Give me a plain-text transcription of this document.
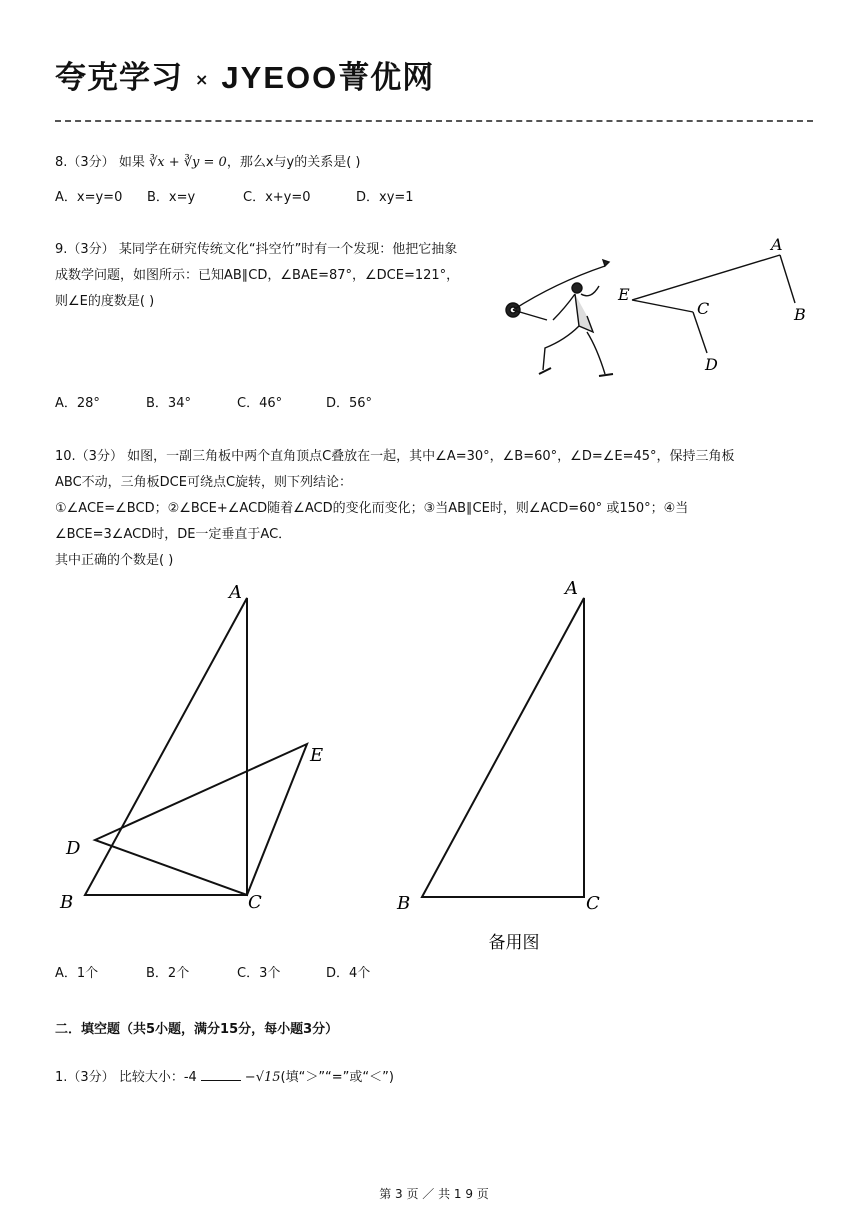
夸克学习 × JYEOO菁优网
8.（3分） 如果 ∛x + ∛y = 0，那么x与y的关系是( )
A．x=y=0 B．x=y	C．x+y=0	D．xy=1
9.（3分） 某同学在研究传统文化“抖空竹”时有一个发现：他把它抽象
成数学问题，如图所示：已知AB∥CD，∠BAE=87°，∠DCE=121°，
则∠E的度数是( )
A
B
C
D
E
A．28°	B．34°	C．46°	D．56°
10.（3分） 如图，一副三角板中两个直角顶点C叠放在一起，其中∠A=30°，∠B=60°，∠D=∠E=45°，保持三角板
ABC不动，三角板DCE可绕点C旋转，则下列结论：
①∠ACE=∠BCD；②∠BCE+∠ACD随着∠ACD的变化而变化；③当AB∥CE时，则∠ACD=60° 或150°；④当
∠BCE=3∠ACD时，DE一定垂直于AC．
其中正确的个数是( )
A
B	C
D
E
A
B	C
备用图
A．1个	B．2个	C．3个	D．4个
二．填空题（共5小题，满分15分，每小题3分）
1.（3分） 比较大小：-4	−√15(填“＞”“=”或“＜”)
第 3 页 ／ 共 1 9 页
